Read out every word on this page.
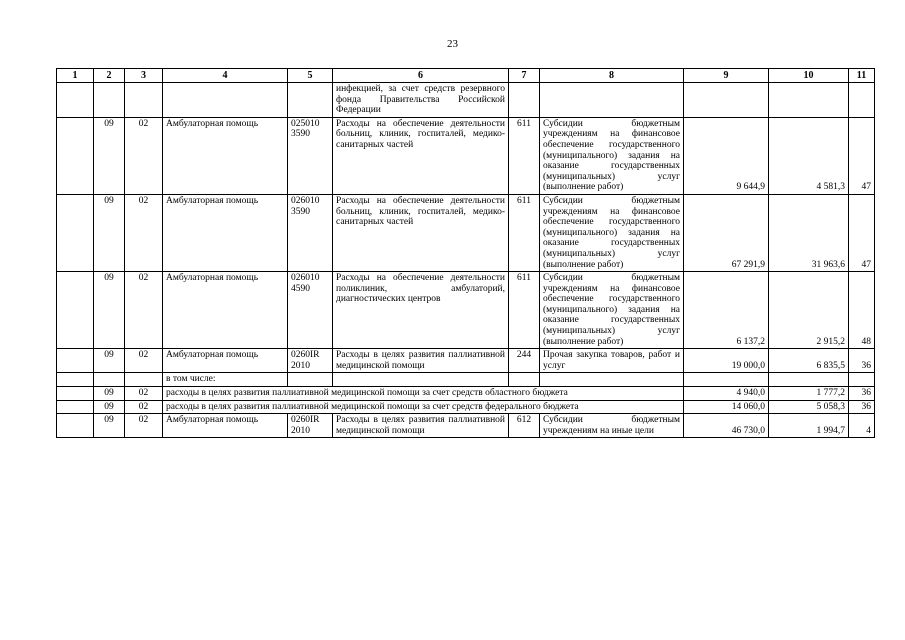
23
1	2	3	4	5	6	7	8	9	10	11
					инфекцией, за счет средств резервного фонда Правительства Российской Федерации					
	09	02	Амбулаторная помощь	025010 3590	Расходы на обеспечение деятельности больниц, клиник, госпиталей, медико-санитарных частей	611	Субсидии бюджетным учреждениям на финансовое обеспечение государственного (муниципального) задания на оказание государственных (муниципальных) услуг (выполнение работ)	9 644,9	4 581,3	47
	09	02	Амбулаторная помощь	026010 3590	Расходы на обеспечение деятельности больниц, клиник, госпиталей, медико-санитарных частей	611	Субсидии бюджетным учреждениям на финансовое обеспечение государственного (муниципального) задания на оказание государственных (муниципальных) услуг (выполнение работ)	67 291,9	31 963,6	47
	09	02	Амбулаторная помощь	026010 4590	Расходы на обеспечение деятельности поликлиник, амбулаторий, диагностических центров	611	Субсидии бюджетным учреждениям на финансовое обеспечение государственного (муниципального) задания на оказание государственных (муниципальных) услуг (выполнение работ)	6 137,2	2 915,2	48
	09	02	Амбулаторная помощь	0260IR 2010	Расходы в целях развития паллиативной медицинской помощи	244	Прочая закупка товаров, работ и услуг	19 000,0	6 835,5	36
			в том числе:							
	09	02	расходы в целях развития паллиативной медицинской помощи за счет средств областного бюджета					4 940,0	1 777,2	36
	09	02	расходы в целях развития паллиативной медицинской помощи за счет средств федерального бюджета					14 060,0	5 058,3	36
	09	02	Амбулаторная помощь	0260IR 2010	Расходы в целях развития паллиативной медицинской помощи	612	Субсидии бюджетным учреждениям на иные цели	46 730,0	1 994,7	4
